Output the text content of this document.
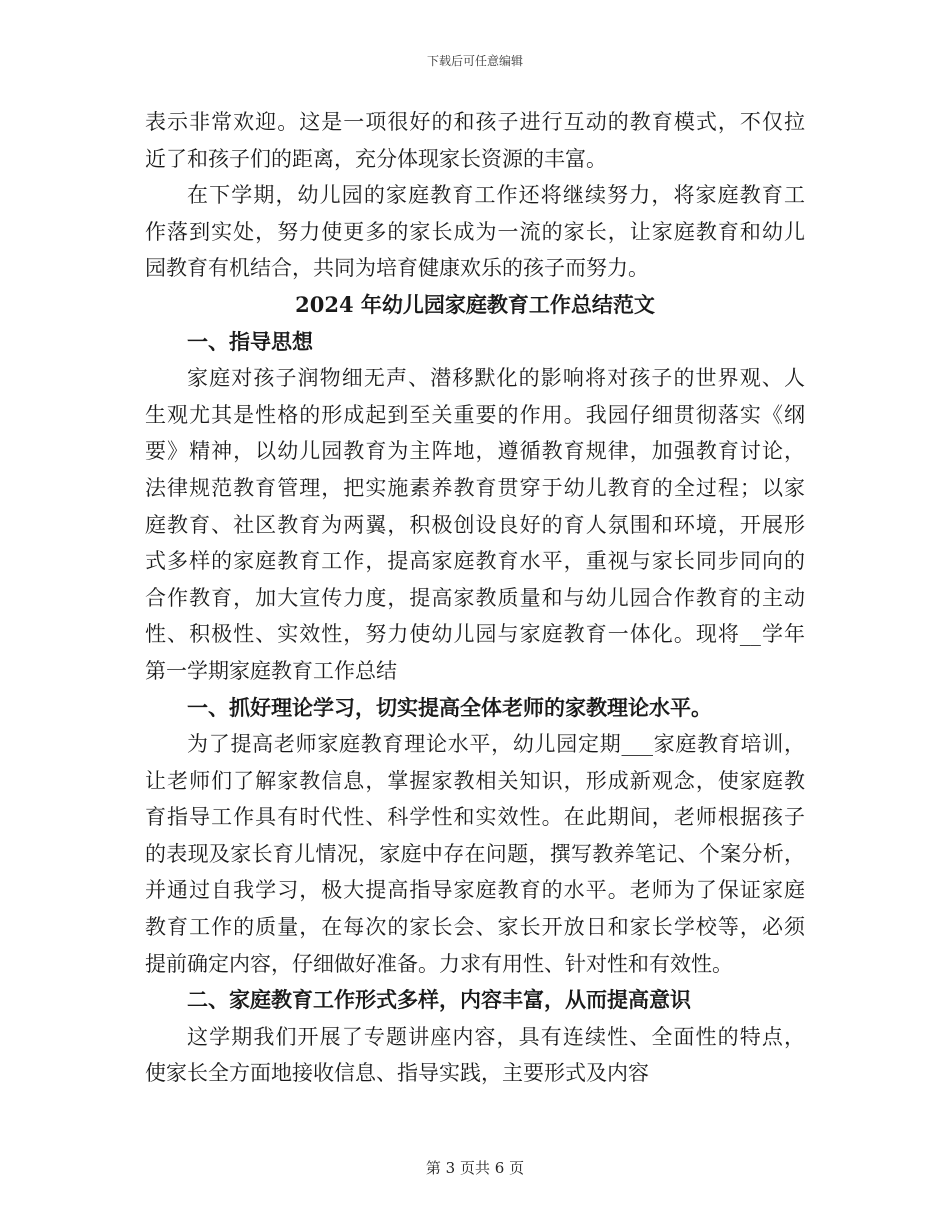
下载后可任意编辑
表示非常欢迎。这是一项很好的和孩子进行互动的教育模式，不仅拉
近了和孩子们的距离，充分体现家长资源的丰富。
在下学期，幼儿园的家庭教育工作还将继续努力，将家庭教育工
作落到实处，努力使更多的家长成为一流的家长，让家庭教育和幼儿
园教育有机结合，共同为培育健康欢乐的孩子而努力。
2024 年幼儿园家庭教育工作总结范文
一、指导思想
家庭对孩子润物细无声、潜移默化的影响将对孩子的世界观、人
生观尤其是性格的形成起到至关重要的作用。我园仔细贯彻落实《纲
要》精神，以幼儿园教育为主阵地，遵循教育规律，加强教育讨论，
法律规范教育管理，把实施素养教育贯穿于幼儿教育的全过程；以家
庭教育、社区教育为两翼，积极创设良好的育人氛围和环境，开展形
式多样的家庭教育工作，提高家庭教育水平，重视与家长同步同向的
合作教育，加大宣传力度，提高家教质量和与幼儿园合作教育的主动
性、积极性、实效性，努力使幼儿园与家庭教育一体化。现将__学年
第一学期家庭教育工作总结
一、抓好理论学习，切实提高全体老师的家教理论水平。
为了提高老师家庭教育理论水平，幼儿园定期___家庭教育培训，
让老师们了解家教信息，掌握家教相关知识，形成新观念，使家庭教
育指导工作具有时代性、科学性和实效性。在此期间，老师根据孩子
的表现及家长育儿情况，家庭中存在问题，撰写教养笔记、个案分析，
并通过自我学习，极大提高指导家庭教育的水平。老师为了保证家庭
教育工作的质量，在每次的家长会、家长开放日和家长学校等，必须
提前确定内容，仔细做好准备。力求有用性、针对性和有效性。
二、家庭教育工作形式多样，内容丰富，从而提高意识
这学期我们开展了专题讲座内容，具有连续性、全面性的特点，
使家长全方面地接收信息、指导实践，主要形式及内容
第 3 页共 6 页
